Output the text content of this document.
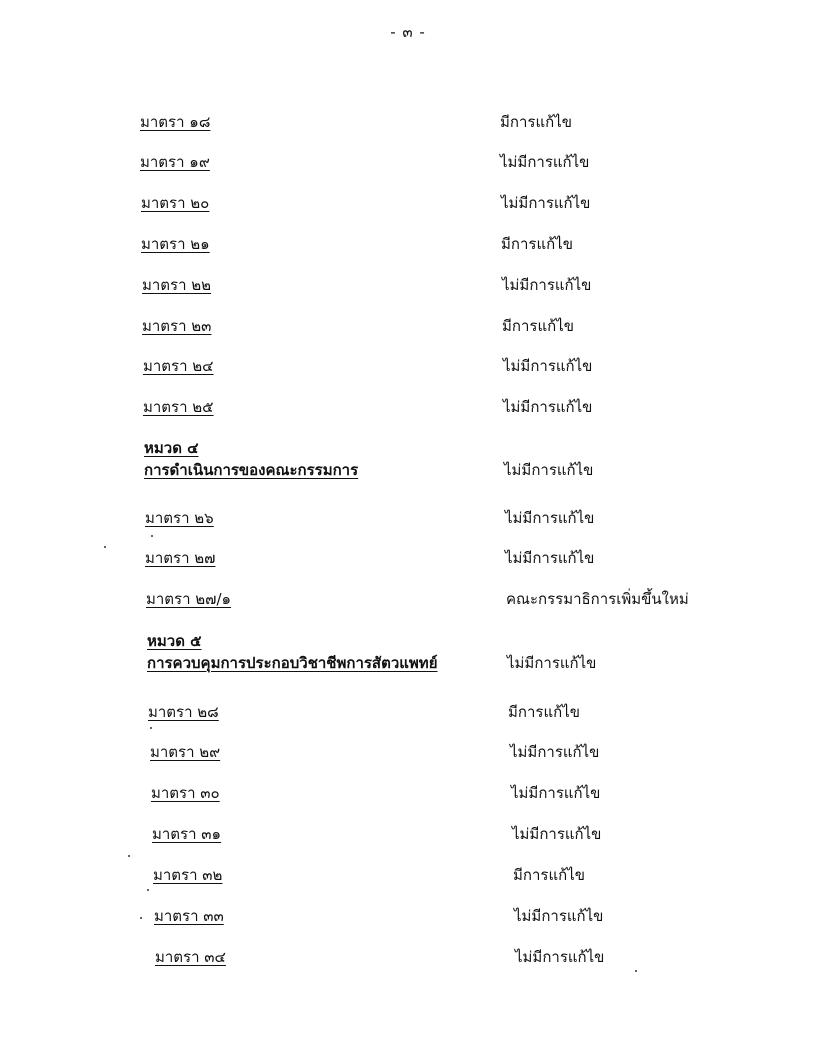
- ๓ -
มาตรา ๑๘	มีการแก้ไข
มาตรา ๑๙	ไม่มีการแก้ไข
มาตรา ๒๐	ไม่มีการแก้ไข
มาตรา ๒๑	มีการแก้ไข
มาตรา ๒๒	ไม่มีการแก้ไข
มาตรา ๒๓	มีการแก้ไข
มาตรา ๒๔	ไม่มีการแก้ไข
มาตรา ๒๕	ไม่มีการแก้ไข
หมวด ๔
การดำเนินการของคณะกรรมการ	ไม่มีการแก้ไข
มาตรา ๒๖	ไม่มีการแก้ไข
มาตรา ๒๗	ไม่มีการแก้ไข
มาตรา ๒๗/๑	คณะกรรมาธิการเพิ่มขึ้นใหม่
หมวด ๕
การควบคุมการประกอบวิชาชีพการสัตวแพทย์	ไม่มีการแก้ไข
มาตรา ๒๘	มีการแก้ไข
มาตรา ๒๙	ไม่มีการแก้ไข
มาตรา ๓๐	ไม่มีการแก้ไข
มาตรา ๓๑	ไม่มีการแก้ไข
มาตรา ๓๒	มีการแก้ไข
มาตรา ๓๓	ไม่มีการแก้ไข
มาตรา ๓๔	ไม่มีการแก้ไข
